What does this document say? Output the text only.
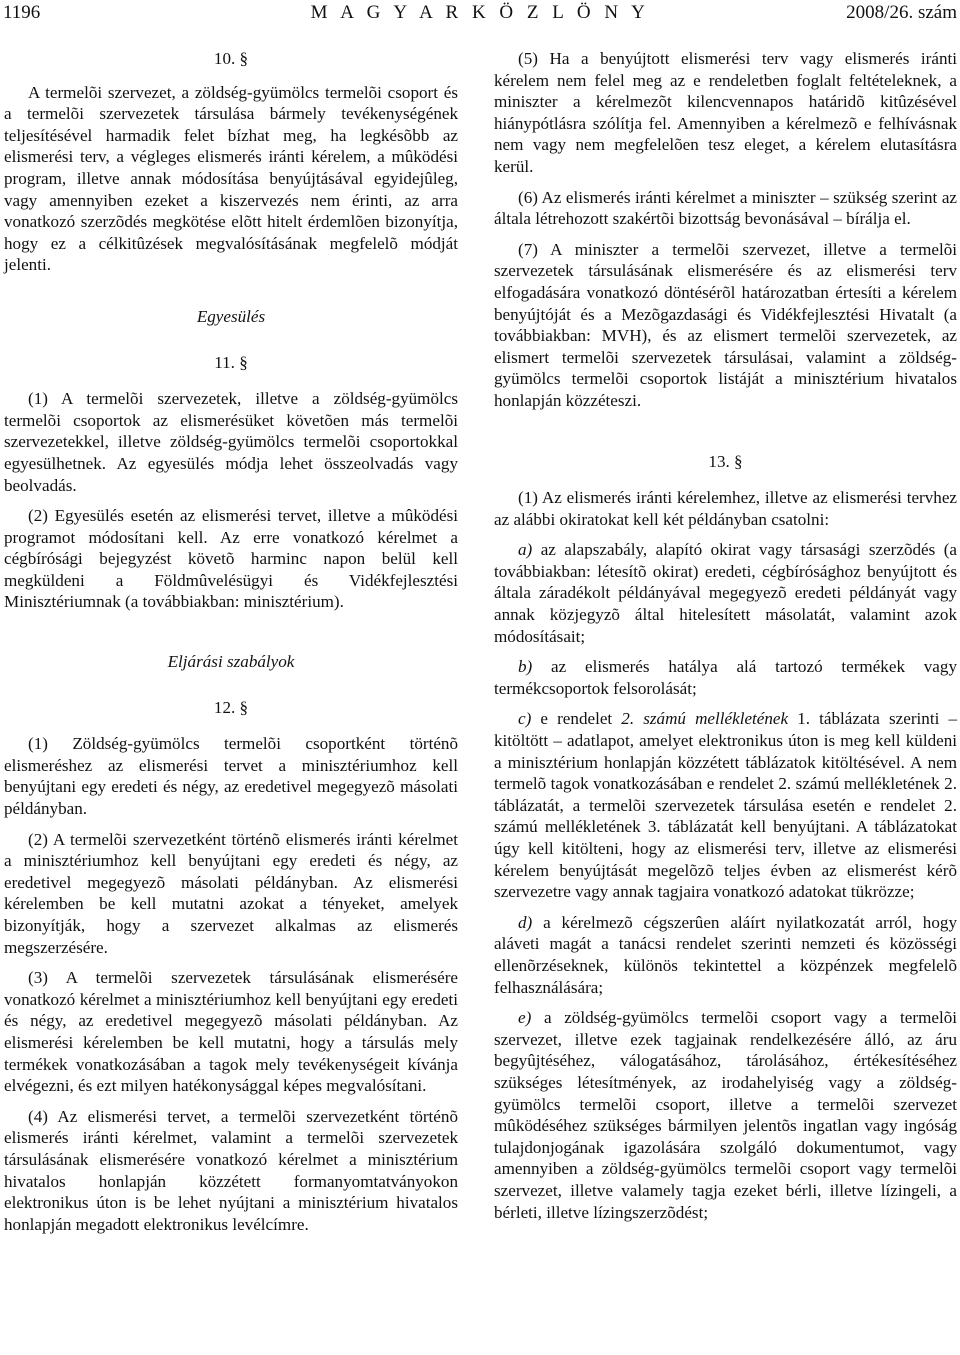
1196	M A G Y A R K Ö Z L Ö N Y	2008/26. szám
10. §

A termelõi szervezet, a zöldség-gyümölcs termelõi csoport és a termelõi szervezetek társulása bármely tevékenységének teljesítésével harmadik felet bízhat meg, ha legkésõbb az elismerési terv, a végleges elismerés iránti kérelem, a mûködési program, illetve annak módosítása benyújtásával egyidejûleg, vagy amennyiben ezeket a kiszervezés nem érinti, az arra vonatkozó szerzõdés megkötése elõtt hitelt érdemlõen bizonyítja, hogy ez a célkitûzések megvalósításának megfelelõ módját jelenti.

Egyesülés
11. §

(1) A termelõi szervezetek, illetve a zöldség-gyümölcs termelõi csoportok az elismerésüket követõen más termelõi szervezetekkel, illetve zöldség-gyümölcs termelõi csoportokkal egyesülhetnek. Az egyesülés módja lehet összeolvadás vagy beolvadás.

(2) Egyesülés esetén az elismerési tervet, illetve a mûködési programot módosítani kell. Az erre vonatkozó kérelmet a cégbírósági bejegyzést követõ harminc napon belül kell megküldeni a Földmûvelésügyi és Vidékfejlesztési Minisztériumnak (a továbbiakban: minisztérium).

Eljárási szabályok
12. §

(1) Zöldség-gyümölcs termelõi csoportként történõ elismeréshez az elismerési tervet a minisztériumhoz kell benyújtani egy eredeti és négy, az eredetivel megegyezõ másolati példányban.

(2) A termelõi szervezetként történõ elismerés iránti kérelmet a minisztériumhoz kell benyújtani egy eredeti és négy, az eredetivel megegyezõ másolati példányban. Az elismerési kérelemben be kell mutatni azokat a tényeket, amelyek bizonyítják, hogy a szervezet alkalmas az elismerés megszerzésére.

(3) A termelõi szervezetek társulásának elismerésére vonatkozó kérelmet a minisztériumhoz kell benyújtani egy eredeti és négy, az eredetivel megegyezõ másolati példányban. Az elismerési kérelemben be kell mutatni, hogy a társulás mely termékek vonatkozásában a tagok mely tevékenységeit kívánja elvégezni, és ezt milyen hatékonysággal képes megvalósítani.

(4) Az elismerési tervet, a termelõi szervezetként történõ elismerés iránti kérelmet, valamint a termelõi szervezetek társulásának elismerésére vonatkozó kérelmet a minisztérium hivatalos honlapján közzétett formanyomtatványokon elektronikus úton is be lehet nyújtani a minisztérium hivatalos honlapján megadott elektronikus levélcímre.

(5) Ha a benyújtott elismerési terv vagy elismerés iránti kérelem nem felel meg az e rendeletben foglalt feltételeknek, a miniszter a kérelmezõt kilencvennapos határidõ kitûzésével hiánypótlásra szólítja fel. Amennyiben a kérelmezõ e felhívásnak nem vagy nem megfelelõen tesz eleget, a kérelem elutasításra kerül.

(6) Az elismerés iránti kérelmet a miniszter – szükség szerint az általa létrehozott szakértõi bizottság bevonásával – bírálja el.

(7) A miniszter a termelõi szervezet, illetve a termelõi szervezetek társulásának elismerésére és az elismerési terv elfogadására vonatkozó döntésérõl határozatban értesíti a kérelem benyújtóját és a Mezõgazdasági és Vidékfejlesztési Hivatalt (a továbbiakban: MVH), és az elismert termelõi szervezetek, az elismert termelõi szervezetek társulásai, valamint a zöldség-gyümölcs termelõi csoportok listáját a minisztérium hivatalos honlapján közzéteszi.

13. §

(1) Az elismerés iránti kérelemhez, illetve az elismerési tervhez az alábbi okiratokat kell két példányban csatolni:

a) az alapszabály, alapító okirat vagy társasági szerzõdés (a továbbiakban: létesítõ okirat) eredeti, cégbírósághoz benyújtott és általa záradékolt példányával megegyezõ eredeti példányát vagy annak közjegyzõ által hitelesített másolatát, valamint azok módosításait;

b) az elismerés hatálya alá tartozó termékek vagy termékcsoportok felsorolását;

c) e rendelet 2. számú mellékletének 1. táblázata szerinti – kitöltött – adatlapot, amelyet elektronikus úton is meg kell küldeni a minisztérium honlapján közzétett táblázatok kitöltésével. A nem termelõ tagok vonatkozásában e rendelet 2. számú mellékletének 2. táblázatát, a termelõi szervezetek társulása esetén e rendelet 2. számú mellékletének 3. táblázatát kell benyújtani. A táblázatokat úgy kell kitölteni, hogy az elismerési terv, illetve az elismerési kérelem benyújtását megelõzõ teljes évben az elismerést kérõ szervezetre vagy annak tagjaira vonatkozó adatokat tükrözze;

d) a kérelmezõ cégszerûen aláírt nyilatkozatát arról, hogy aláveti magát a tanácsi rendelet szerinti nemzeti és közösségi ellenõrzéseknek, különös tekintettel a közpénzek megfelelõ felhasználására;

e) a zöldség-gyümölcs termelõi csoport vagy a termelõi szervezet, illetve ezek tagjainak rendelkezésére álló, az áru begyûjtéséhez, válogatásához, tárolásához, értékesítéséhez szükséges létesítmények, az irodahelyiség vagy a zöldség-gyümölcs termelõi csoport, illetve a termelõi szervezet mûködéséhez szükséges bármilyen jelentõs ingatlan vagy ingóság tulajdonjogának igazolására szolgáló dokumentumot, vagy amennyiben a zöldség-gyümölcs termelõi csoport vagy termelõi szervezet, illetve valamely tagja ezeket bérli, illetve lízingeli, a bérleti, illetve lízingszerzõdést;
